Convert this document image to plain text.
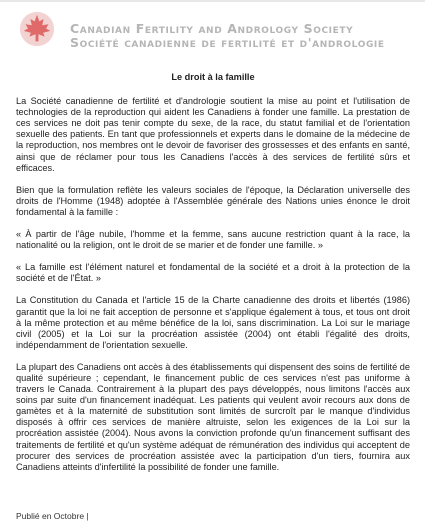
Canadian Fertility and Andrology Society
Société canadienne de fertilité et d'andrologie
Le droit à la famille

La Société canadienne de fertilité et d'andrologie soutient la mise au point et l'utilisation de technologies de la reproduction qui aident les Canadiens à fonder une famille. La prestation de ces services ne doit pas tenir compte du sexe, de la race, du statut familial et de l'orientation sexuelle des patients. En tant que professionnels et experts dans le domaine de la médecine de la reproduction, nos membres ont le devoir de favoriser des grossesses et des enfants en santé, ainsi que de réclamer pour tous les Canadiens l'accès à des services de fertilité sûrs et efficaces.

Bien que la formulation reflète les valeurs sociales de l'époque, la Déclaration universelle des droits de l'Homme (1948) adoptée à l'Assemblée générale des Nations unies énonce le droit fondamental à la famille :

« À partir de l'âge nubile, l'homme et la femme, sans aucune restriction quant à la race, la nationalité ou la religion, ont le droit de se marier et de fonder une famille. »

« La famille est l'élément naturel et fondamental de la société et a droit à la protection de la société et de l'État. »

La Constitution du Canada et l'article 15 de la Charte canadienne des droits et libertés (1986) garantit que la loi ne fait acception de personne et s'applique également à tous, et tous ont droit à la même protection et au même bénéfice de la loi, sans discrimination. La Loi sur le mariage civil (2005) et la Loi sur la procréation assistée (2004) ont établi l'égalité des droits, indépendamment de l'orientation sexuelle.

La plupart des Canadiens ont accès à des établissements qui dispensent des soins de fertilité de qualité supérieure ; cependant, le financement public de ces services n'est pas uniforme à travers le Canada. Contrairement à la plupart des pays développés, nous limitons l'accès aux soins par suite d'un financement inadéquat. Les patients qui veulent avoir recours aux dons de gamètes et à la maternité de substitution sont limités de surcroît par le manque d'individus disposés à offrir ces services de manière altruiste, selon les exigences de la Loi sur la procréation assistée (2004). Nous avons la conviction profonde qu'un financement suffisant des traitements de fertilité et qu'un système adéquat de rémunération des individus qui acceptent de procurer des services de procréation assistée avec la participation d'un tiers, fournira aux Canadiens atteints d'infertilité la possibilité de fonder une famille.

Publié en Octobre |
